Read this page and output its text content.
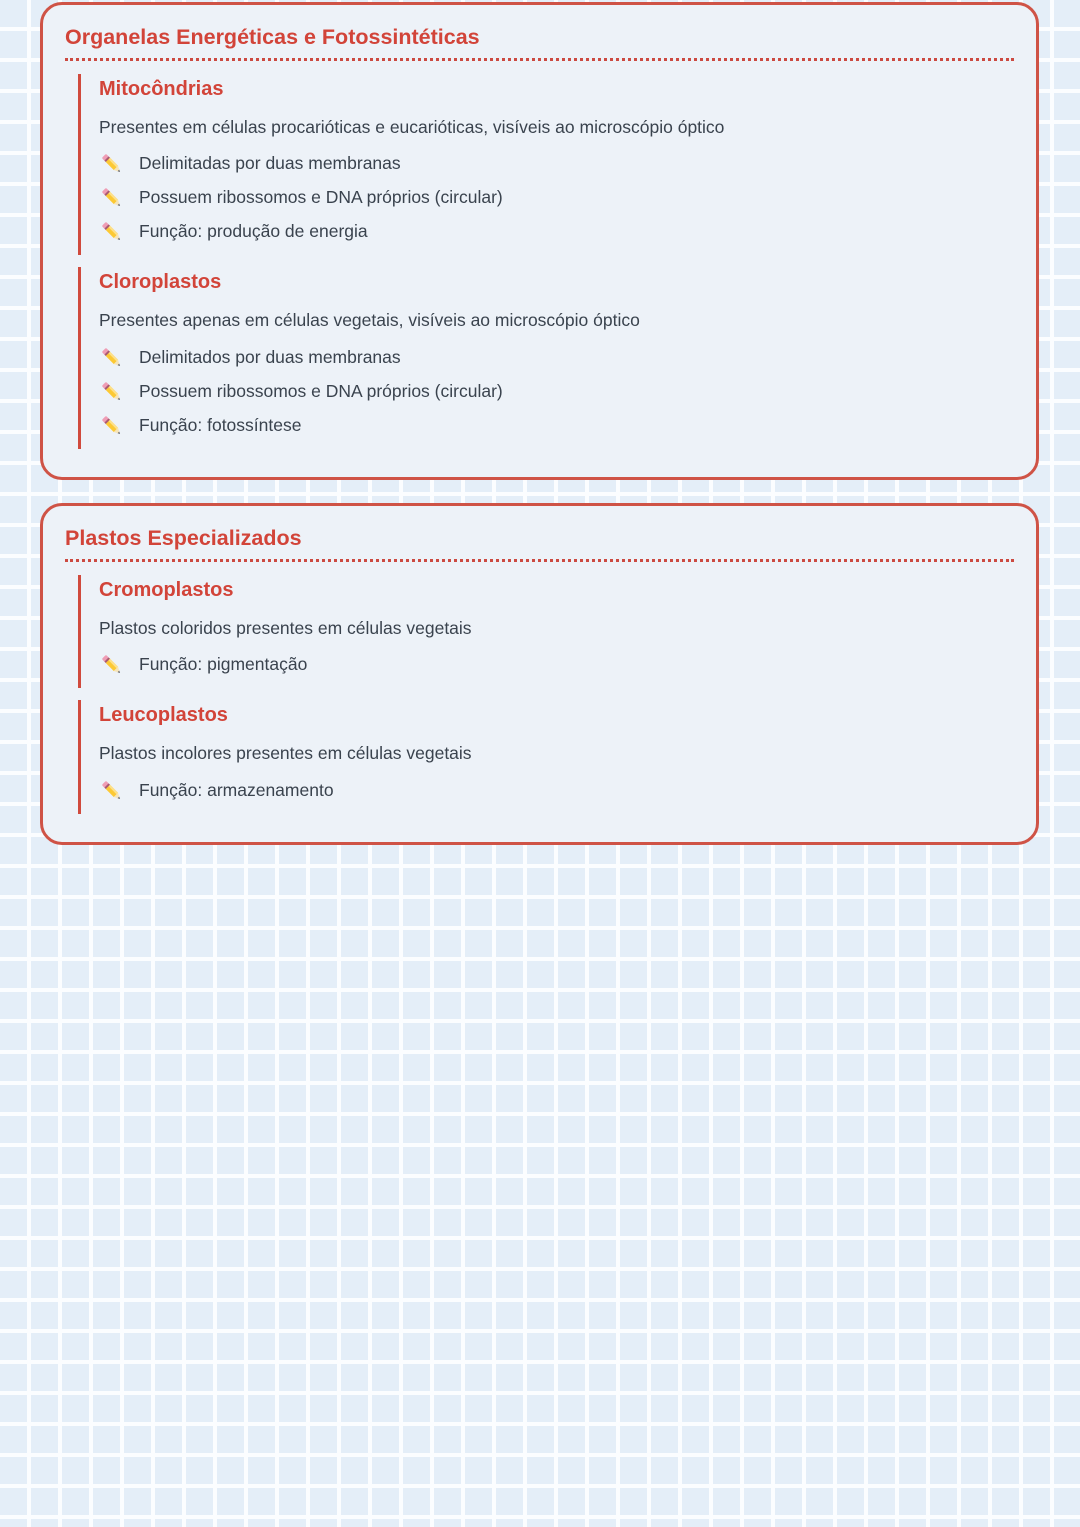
Organelas Energéticas e Fotossintéticas
Mitocôndrias
Presentes em células procarióticas e eucarióticas, visíveis ao microscópio óptico
Delimitadas por duas membranas
Possuem ribossomos e DNA próprios (circular)
Função: produção de energia
Cloroplastos
Presentes apenas em células vegetais, visíveis ao microscópio óptico
Delimitados por duas membranas
Possuem ribossomos e DNA próprios (circular)
Função: fotossíntese
Plastos Especializados
Cromoplastos
Plastos coloridos presentes em células vegetais
Função: pigmentação
Leucoplastos
Plastos incolores presentes em células vegetais
Função: armazenamento
